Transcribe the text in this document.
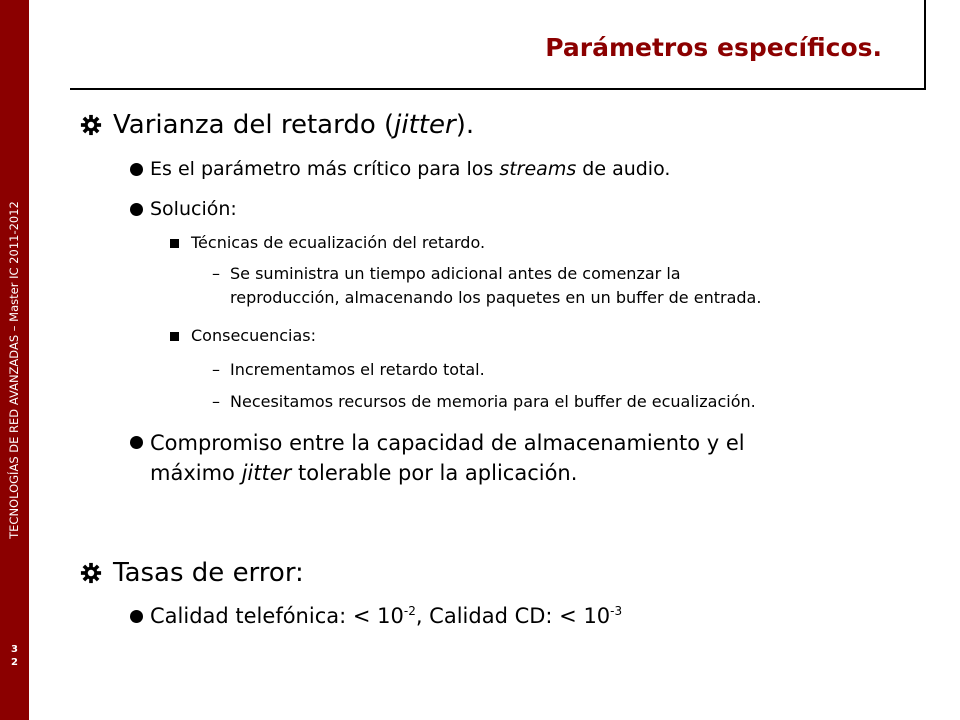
TECNOLOGÍAS DE RED AVANZADAS – Master IC 2011-2012
3
2
Parámetros específicos.
Varianza del retardo (jitter).
Es el parámetro más crítico para los streams de audio.
Solución:
Técnicas de ecualización del retardo.
– Se suministra un tiempo adicional antes de comenzar la
reproducción, almacenando los paquetes en un buffer de entrada.
Consecuencias:
– Incrementamos el retardo total.
– Necesitamos recursos de memoria para el buffer de ecualización.
Compromiso entre la capacidad de almacenamiento y el
máximo jitter tolerable por la aplicación.
Tasas de error:
Calidad telefónica: < $10^{-2}$, Calidad CD: < $10^{-3}$
